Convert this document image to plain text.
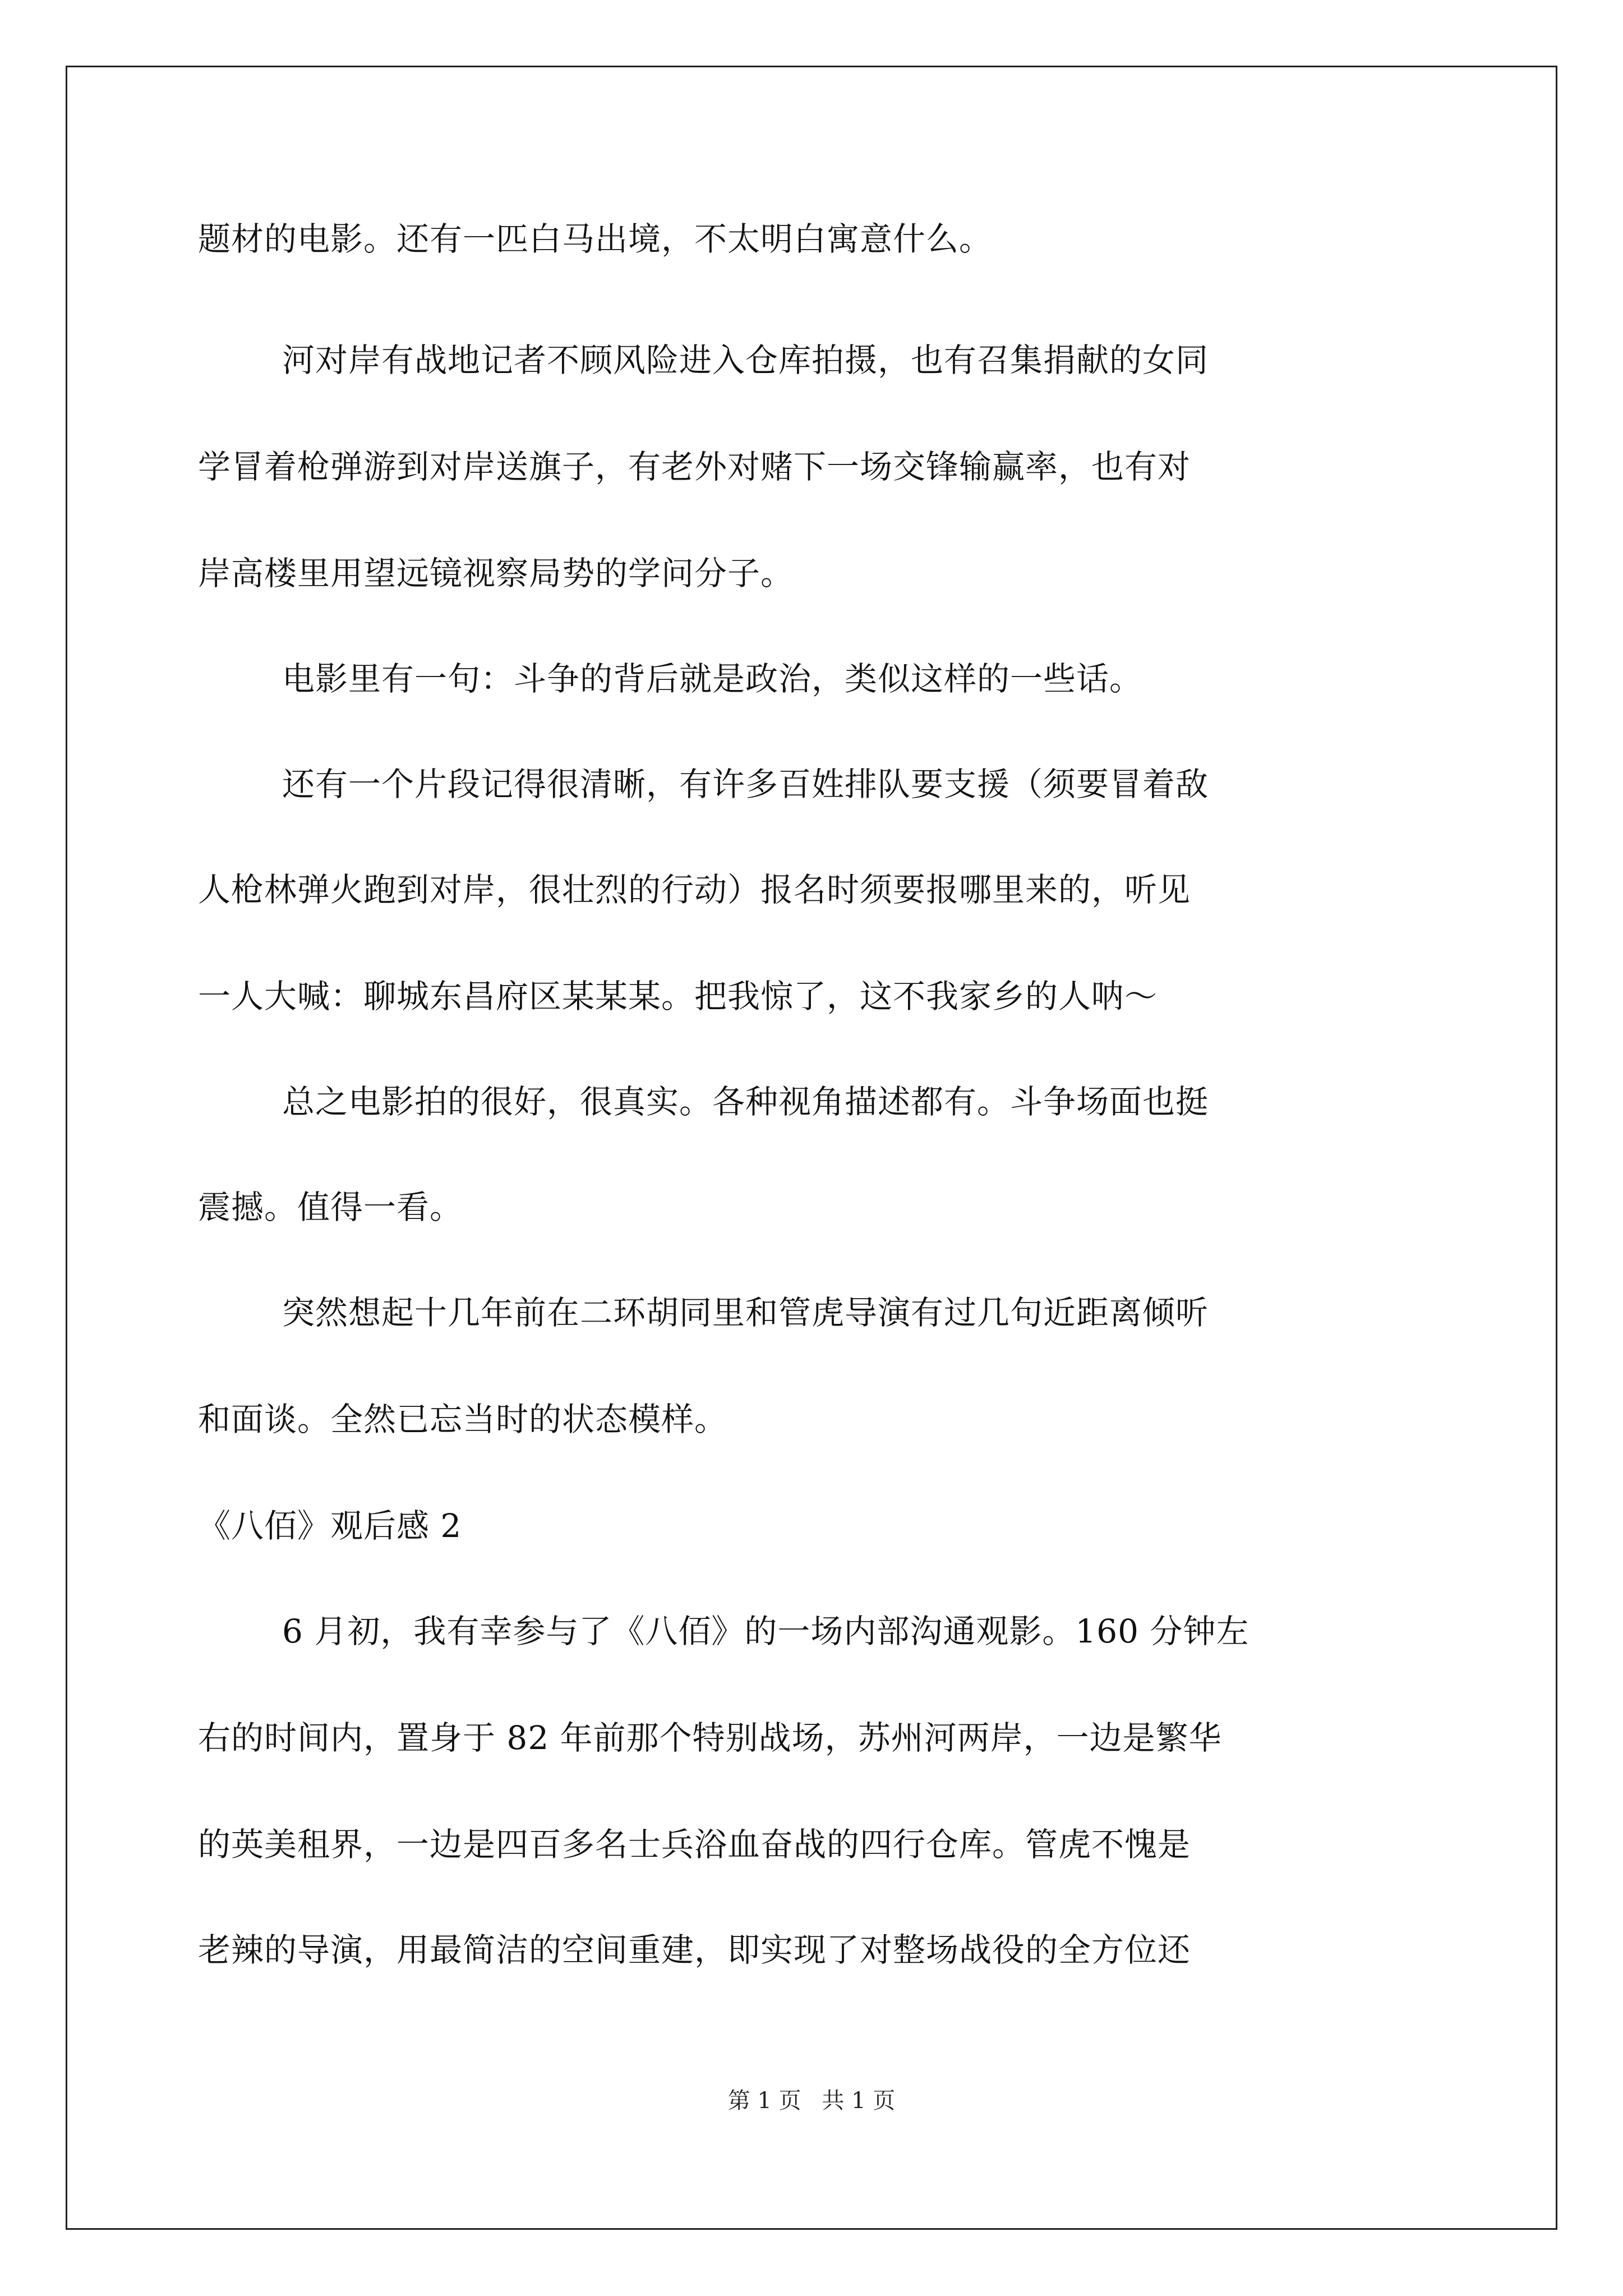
题材的电影。还有一匹白马出境，不太明白寓意什么。
河对岸有战地记者不顾风险进入仓库拍摄，也有召集捐献的女同
学冒着枪弹游到对岸送旗子，有老外对赌下一场交锋输赢率，也有对
岸高楼里用望远镜视察局势的学问分子。
电影里有一句：斗争的背后就是政治，类似这样的一些话。
还有一个片段记得很清晰，有许多百姓排队要支援（须要冒着敌
人枪林弹火跑到对岸，很壮烈的行动）报名时须要报哪里来的，听见
一人大喊：聊城东昌府区某某某。把我惊了，这不我家乡的人呐～
总之电影拍的很好，很真实。各种视角描述都有。斗争场面也挺
震撼。值得一看。
突然想起十几年前在二环胡同里和管虎导演有过几句近距离倾听
和面谈。全然已忘当时的状态模样。
《八佰》观后感 2
6 月初，我有幸参与了《八佰》的一场内部沟通观影。160 分钟左
右的时间内，置身于 82 年前那个特别战场，苏州河两岸，一边是繁华
的英美租界，一边是四百多名士兵浴血奋战的四行仓库。管虎不愧是
老辣的导演，用最简洁的空间重建，即实现了对整场战役的全方位还
第 1 页 共 1 页
